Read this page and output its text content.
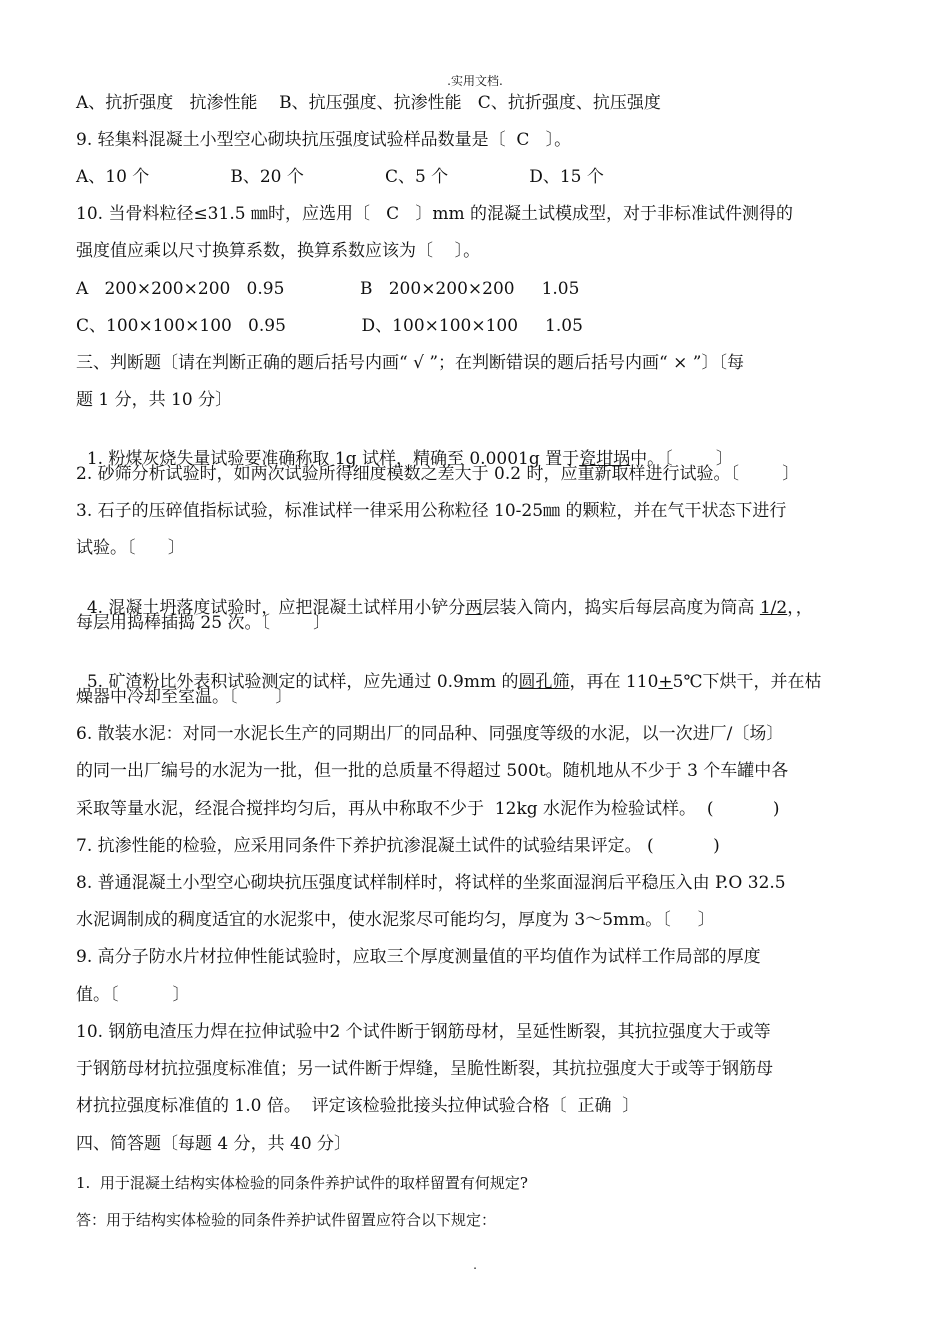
.实用文档.
A、抗折强度   抗渗性能    B、抗压强度、抗渗性能   C、抗折强度、抗压强度
9. 轻集料混凝土小型空心砌块抗压强度试验样品数量是〔  C   〕。
A、10 个               B、20 个               C、5 个               D、15 个
10. 当骨料粒径≤31.5 ㎜时，应选用〔   C   〕mm 的混凝土试模成型，对于非标准试件测得的
强度值应乘以尺寸换算系数，换算系数应该为〔    〕。
A   200×200×200   0.95              B   200×200×200     1.05
C、100×100×100   0.95              D、100×100×100     1.05
三、判断题〔请在判断正确的题后括号内画“ √ ”；在判断错误的题后括号内画“ × ”〕〔每
题 1 分，共 10 分〕

1. 粉煤灰烧失量试验要准确称取 1g 试样，精确至 0.0001g 置于瓷坩埚中。〔        〕

2. 砂筛分析试验时，如两次试验所得细度模数之差大于 0.2 时，应重新取样进行试验。〔        〕
3. 石子的压碎值指标试验，标准试样一律采用公称粒径 10-25㎜ 的颗粒，并在气干状态下进行
试验。〔      〕

4. 混凝土坍落度试验时，应把混凝土试样用小铲分两层装入筒内，捣实后每层高度为筒高 1/2，，

每层用捣棒插捣 25 次。〔        〕

5. 矿渣粉比外表积试验测定的试样，应先通过 0.9mm 的圆孔筛，再在 110+5℃下烘干，并在枯

燥器中冷却至室温。〔       〕
6. 散装水泥：对同一水泥长生产的同期出厂的同品种、同强度等级的水泥，以一次进厂/〔场〕
的同一出厂编号的水泥为一批，但一批的总质量不得超过 500t。随机地从不少于 3 个车罐中各
采取等量水泥，经混合搅拌均匀后，再从中称取不少于  12kg 水泥作为检验试样。  (           )
7. 抗渗性能的检验，应采用同条件下养护抗渗混凝土试件的试验结果评定。 (           )
8. 普通混凝土小型空心砌块抗压强度试样制样时，将试样的坐浆面湿润后平稳压入由 P.O 32.5
水泥调制成的稠度适宜的水泥浆中，使水泥浆尽可能均匀，厚度为 3～5mm。〔     〕
9. 高分子防水片材拉伸性能试验时，应取三个厚度测量值的平均值作为试样工作局部的厚度
值。〔          〕
10. 钢筋电渣压力焊在拉伸试验中2 个试件断于钢筋母材，呈延性断裂，其抗拉强度大于或等
于钢筋母材抗拉强度标准值；另一试件断于焊缝，呈脆性断裂，其抗拉强度大于或等于钢筋母
材抗拉强度标准值的 1.0 倍。  评定该检验批接头拉伸试验合格〔  正确  〕
四、简答题〔每题 4 分，共 40 分〕
1.  用于混凝土结构实体检验的同条件养护试件的取样留置有何规定?
答：用于结构实体检验的同条件养护试件留置应符合以下规定：
.
